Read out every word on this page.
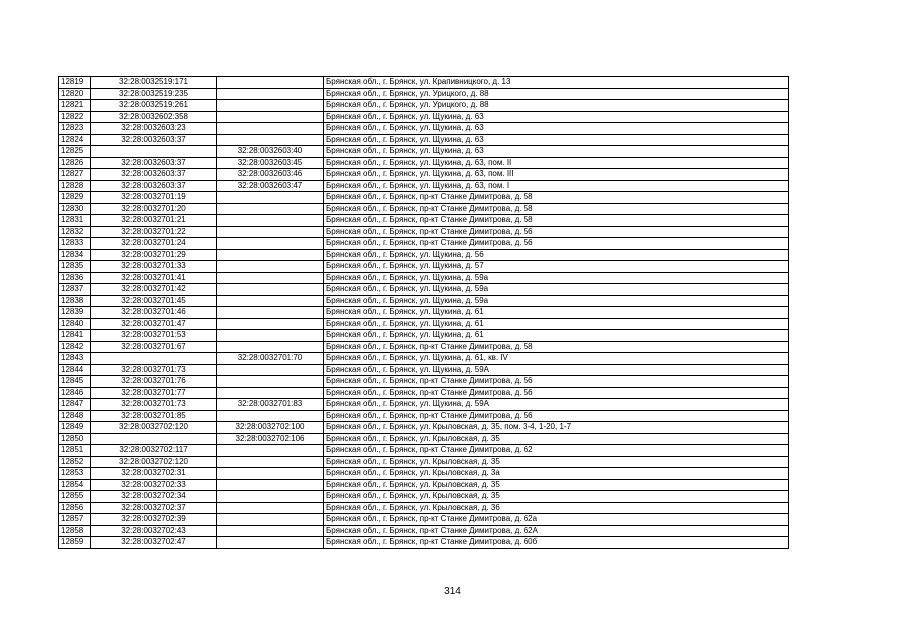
12819	32:28:0032519:171		Брянская обл., г. Брянск, ул. Крапивницкого, д. 13
12820	32:28:0032519:235		Брянская обл., г. Брянск, ул. Урицкого, д. 88
12821	32:28:0032519:261		Брянская обл., г. Брянск, ул. Урицкого, д. 88
12822	32:28:0032602:358		Брянская обл., г. Брянск, ул. Щукина, д. 63
12823	32:28:0032603:23		Брянская обл., г. Брянск, ул. Щукина, д. 63
12824	32:28:0032603:37		Брянская обл., г. Брянск, ул. Щукина, д. 63
12825		32:28:0032603:40	Брянская обл., г. Брянск, ул. Щукина, д. 63
12826	32:28:0032603:37	32:28:0032603:45	Брянская обл., г. Брянск, ул. Щукина, д. 63, пом. II
12827	32:28:0032603:37	32:28:0032603:46	Брянская обл., г. Брянск, ул. Щукина, д. 63, пом. III
12828	32:28:0032603:37	32:28:0032603:47	Брянская обл., г. Брянск, ул. Щукина, д. 63, пом. I
12829	32:28:0032701:19		Брянская обл., г. Брянск, пр-кт Станке Димитрова, д. 58
12830	32:28:0032701:20		Брянская обл., г. Брянск, пр-кт Станке Димитрова, д. 58
12831	32:28:0032701:21		Брянская обл., г. Брянск, пр-кт Станке Димитрова, д. 58
12832	32:28:0032701:22		Брянская обл., г. Брянск, пр-кт Станке Димитрова, д. 56
12833	32:28:0032701:24		Брянская обл., г. Брянск, пр-кт Станке Димитрова, д. 56
12834	32:28:0032701:29		Брянская обл., г. Брянск, ул. Щукина, д. 56
12835	32:28:0032701:33		Брянская обл., г. Брянск, ул. Щукина, д. 57
12836	32:28:0032701:41		Брянская обл., г. Брянск, ул. Щукина, д. 59а
12837	32:28:0032701:42		Брянская обл., г. Брянск, ул. Щукина, д. 59а
12838	32:28:0032701:45		Брянская обл., г. Брянск, ул. Щукина, д. 59а
12839	32:28:0032701:46		Брянская обл., г. Брянск, ул. Щукина, д. 61
12840	32:28:0032701:47		Брянская обл., г. Брянск, ул. Щукина, д. 61
12841	32:28:0032701:53		Брянская обл., г. Брянск, ул. Щукина, д. 61
12842	32:28:0032701:67		Брянская обл., г. Брянск, пр-кт Станке Димитрова, д. 58
12843		32:28:0032701:70	Брянская обл., г. Брянск, ул. Щукина, д. 61, кв. IV
12844	32:28:0032701:73		Брянская обл., г. Брянск, ул. Щукина, д. 59А
12845	32:28:0032701:76		Брянская обл., г. Брянск, пр-кт Станке Димитрова, д. 56
12846	32:28:0032701:77		Брянская обл., г. Брянск, пр-кт Станке Димитрова, д. 56
12847	32:28:0032701:73	32:28:0032701:83	Брянская обл., г. Брянск, ул. Щукина, д. 59А
12848	32:28:0032701:85		Брянская обл., г. Брянск, пр-кт Станке Димитрова, д. 56
12849	32:28:0032702:120	32:28:0032702:100	Брянская обл., г. Брянск, ул. Крыловская, д. 35, пом. 3-4, 1-20, 1-7
12850		32:28:0032702:106	Брянская обл., г. Брянск, ул. Крыловская, д. 35
12851	32:28:0032702:117		Брянская обл., г. Брянск, пр-кт Станке Димитрова, д. 62
12852	32:28:0032702:120		Брянская обл., г. Брянск, ул. Крыловская, д. 35
12853	32:28:0032702:31		Брянская обл., г. Брянск, ул. Крыловская, д. 3а
12854	32:28:0032702:33		Брянская обл., г. Брянск, ул. Крыловская, д. 35
12855	32:28:0032702:34		Брянская обл., г. Брянск, ул. Крыловская, д. 35
12856	32:28:0032702:37		Брянская обл., г. Брянск, ул. Крыловская, д. 36
12857	32:28:0032702:39		Брянская обл., г. Брянск, пр-кт Станке Димитрова, д. 62а
12858	32:28:0032702:43		Брянская обл., г. Брянск, пр-кт Станке Димитрова, д. 62А
12859	32:28:0032702:47		Брянская обл., г. Брянск, пр-кт Станке Димитрова, д. 60б
314
